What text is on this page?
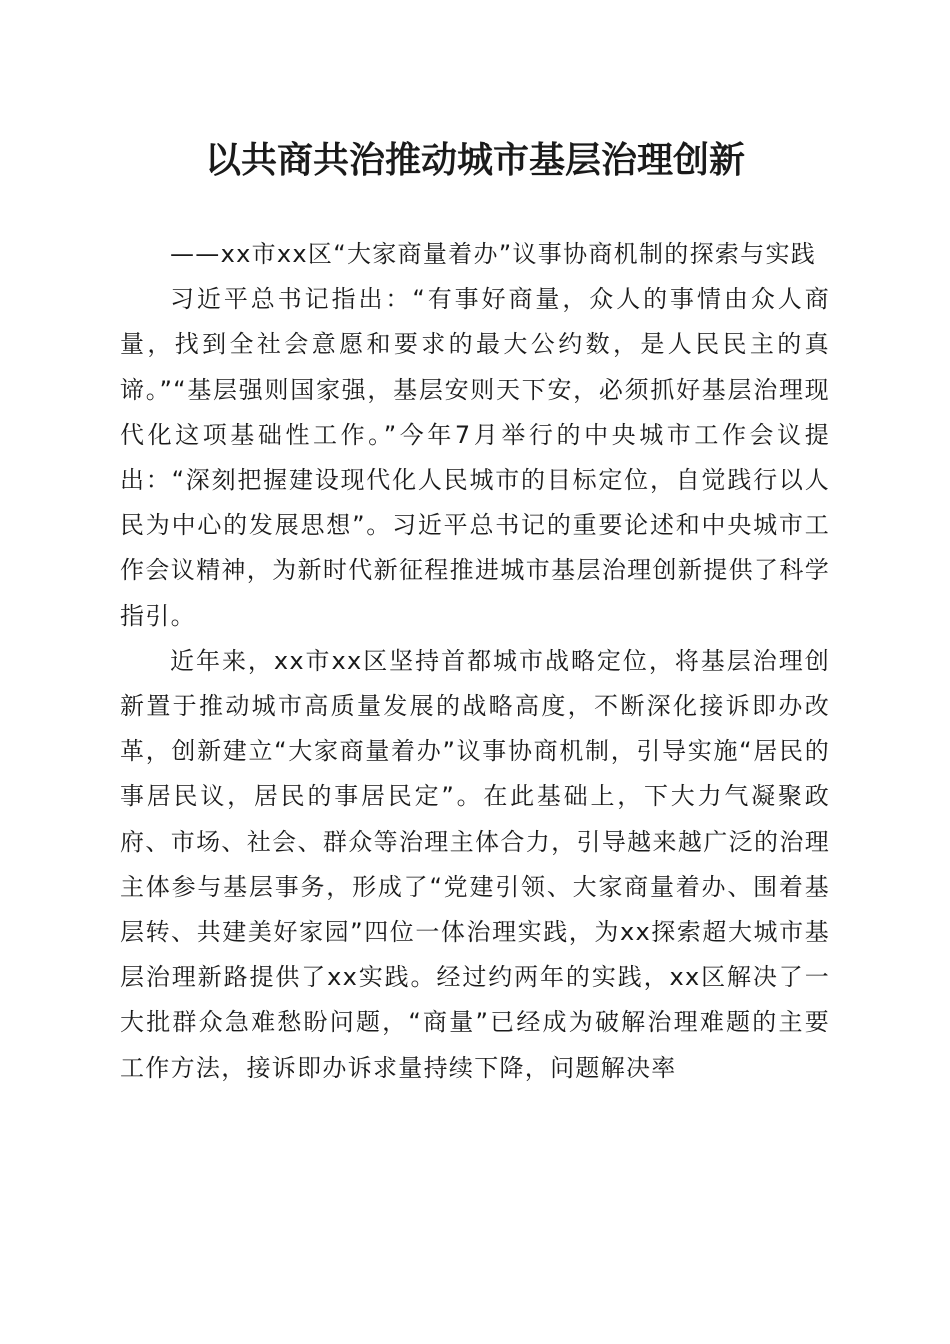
以共商共治推动城市基层治理创新

——xx市xx区“大家商量着办”议事协商机制的探索与实践

习近平总书记指出：“有事好商量，众人的事情由众人商量，找到全社会意愿和要求的最大公约数，是人民民主的真谛。”“基层强则国家强，基层安则天下安，必须抓好基层治理现代化这项基础性工作。”今年7月举行的中央城市工作会议提出：“深刻把握建设现代化人民城市的目标定位，自觉践行以人民为中心的发展思想”。习近平总书记的重要论述和中央城市工作会议精神，为新时代新征程推进城市基层治理创新提供了科学指引。

近年来，xx市xx区坚持首都城市战略定位，将基层治理创新置于推动城市高质量发展的战略高度，不断深化接诉即办改革，创新建立“大家商量着办”议事协商机制，引导实施“居民的事居民议，居民的事居民定”。在此基础上，下大力气凝聚政府、市场、社会、群众等治理主体合力，引导越来越广泛的治理主体参与基层事务，形成了“党建引领、大家商量着办、围着基层转、共建美好家园”四位一体治理实践，为xx探索超大城市基层治理新路提供了xx实践。经过约两年的实践，xx区解决了一大批群众急难愁盼问题，“商量”已经成为破解治理难题的主要工作方法，接诉即办诉求量持续下降，问题解决率
